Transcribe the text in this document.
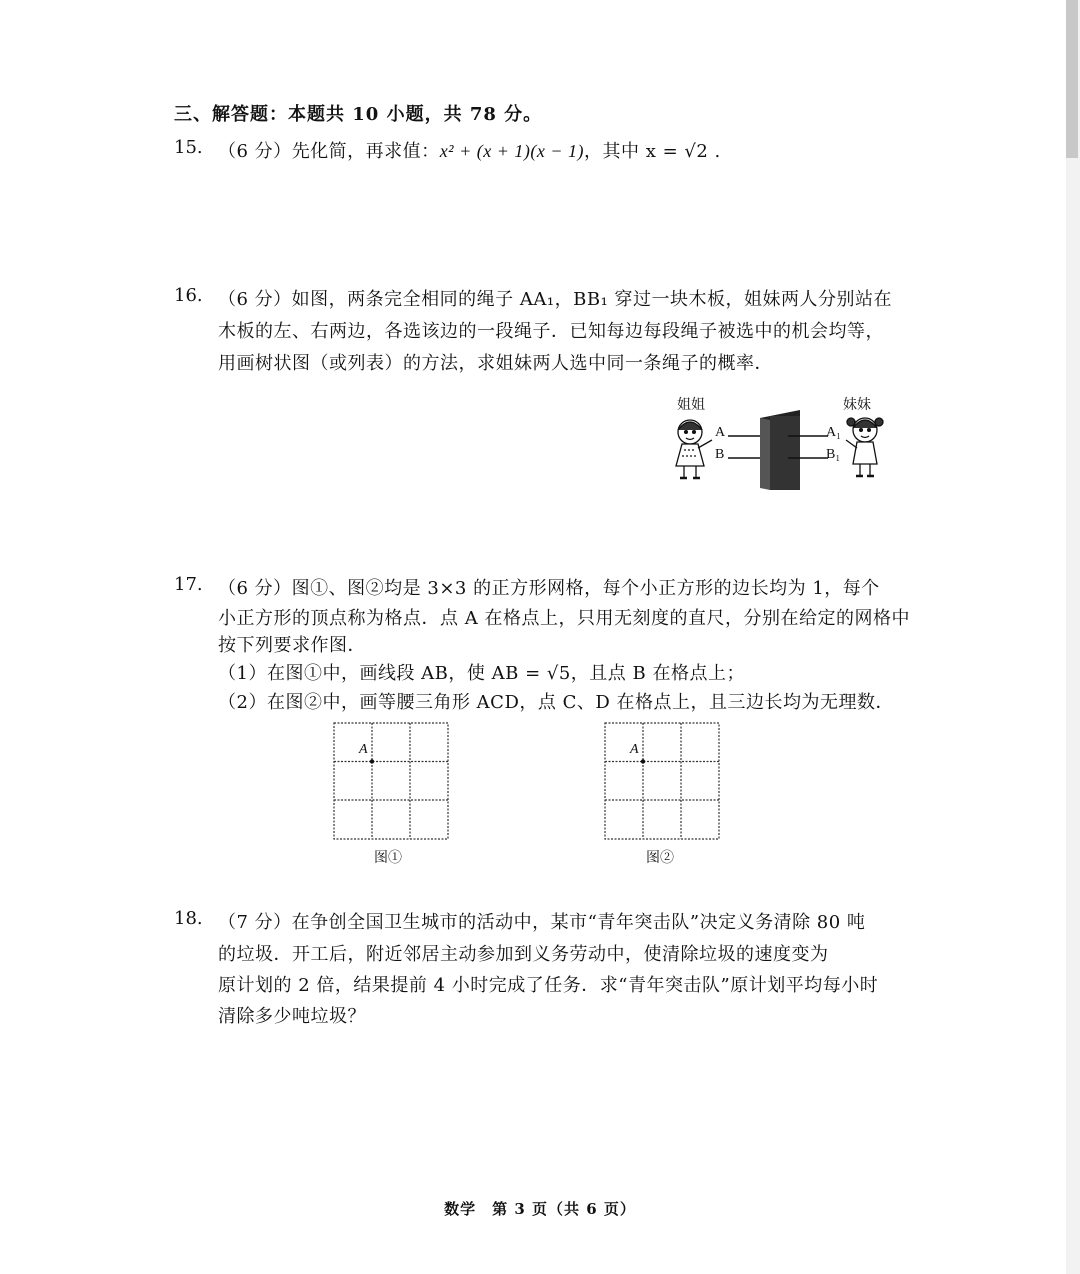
三、解答题：本题共 10 小题，共 78 分。
15. （6 分）先化简，再求值：x² + (x + 1)(x − 1)，其中 x = √2 .
16. （6 分）如图，两条完全相同的绳子 AA₁，BB₁ 穿过一块木板，姐妹两人分别站在
木板的左、右两边，各选该边的一段绳子．已知每边每段绳子被选中的机会均等，
用画树状图（或列表）的方法，求姐妹两人选中同一条绳子的概率．
姐姐	妹妹
A
B
A₁
B₁
17. （6 分）图①、图②均是 3×3 的正方形网格，每个小正方形的边长均为 1，每个
小正方形的顶点称为格点．点 A 在格点上，只用无刻度的直尺，分别在给定的网格中
按下列要求作图．
（1）在图①中，画线段 AB，使 AB = √5，且点 B 在格点上；
（2）在图②中，画等腰三角形 ACD，点 C、D 在格点上，且三边长均为无理数．
A
图①
A
图②
18. （7 分）在争创全国卫生城市的活动中，某市“青年突击队”决定义务清除 80 吨
的垃圾．开工后，附近邻居主动参加到义务劳动中，使清除垃圾的速度变为
原计划的 2 倍，结果提前 4 小时完成了任务．求“青年突击队”原计划平均每小时
清除多少吨垃圾？
数学　第 3 页（共 6 页）
